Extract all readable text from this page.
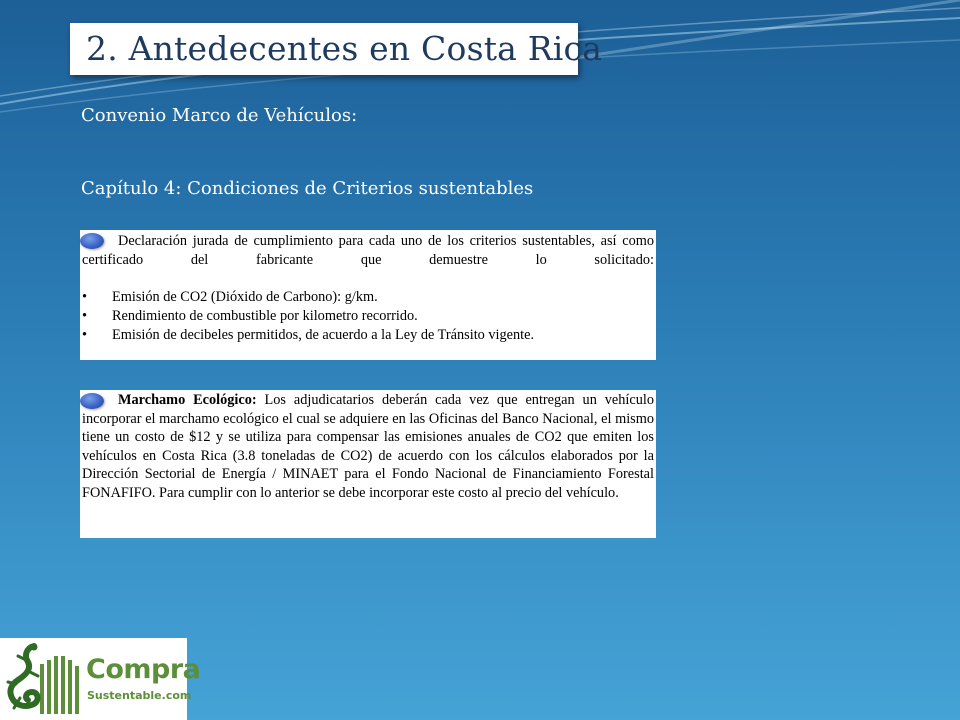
2. Antedecentes en Costa Rica
Convenio Marco de Vehículos:
Capítulo 4: Condiciones de Criterios sustentables
Declaración jurada de cumplimiento para cada uno de los criterios sustentables, así como certificado del fabricante que demuestre lo solicitado:
• Emisión de CO2 (Dióxido de Carbono): g/km.
• Rendimiento de combustible por kilometro recorrido.
• Emisión de decibeles permitidos, de acuerdo a la Ley de Tránsito vigente.
Marchamo Ecológico: Los adjudicatarios deberán cada vez que entregan un vehículo incorporar el marchamo ecológico el cual se adquiere en las Oficinas del Banco Nacional, el mismo tiene un costo de $12 y se utiliza para compensar las emisiones anuales de CO2 que emiten los vehículos en Costa Rica (3.8 toneladas de CO2) de acuerdo con los cálculos elaborados por la Dirección Sectorial de Energía / MINAET para el Fondo Nacional de Financiamiento Forestal FONAFIFO. Para cumplir con lo anterior se debe incorporar este costo al precio del vehículo.
Compra
Sustentable.com
